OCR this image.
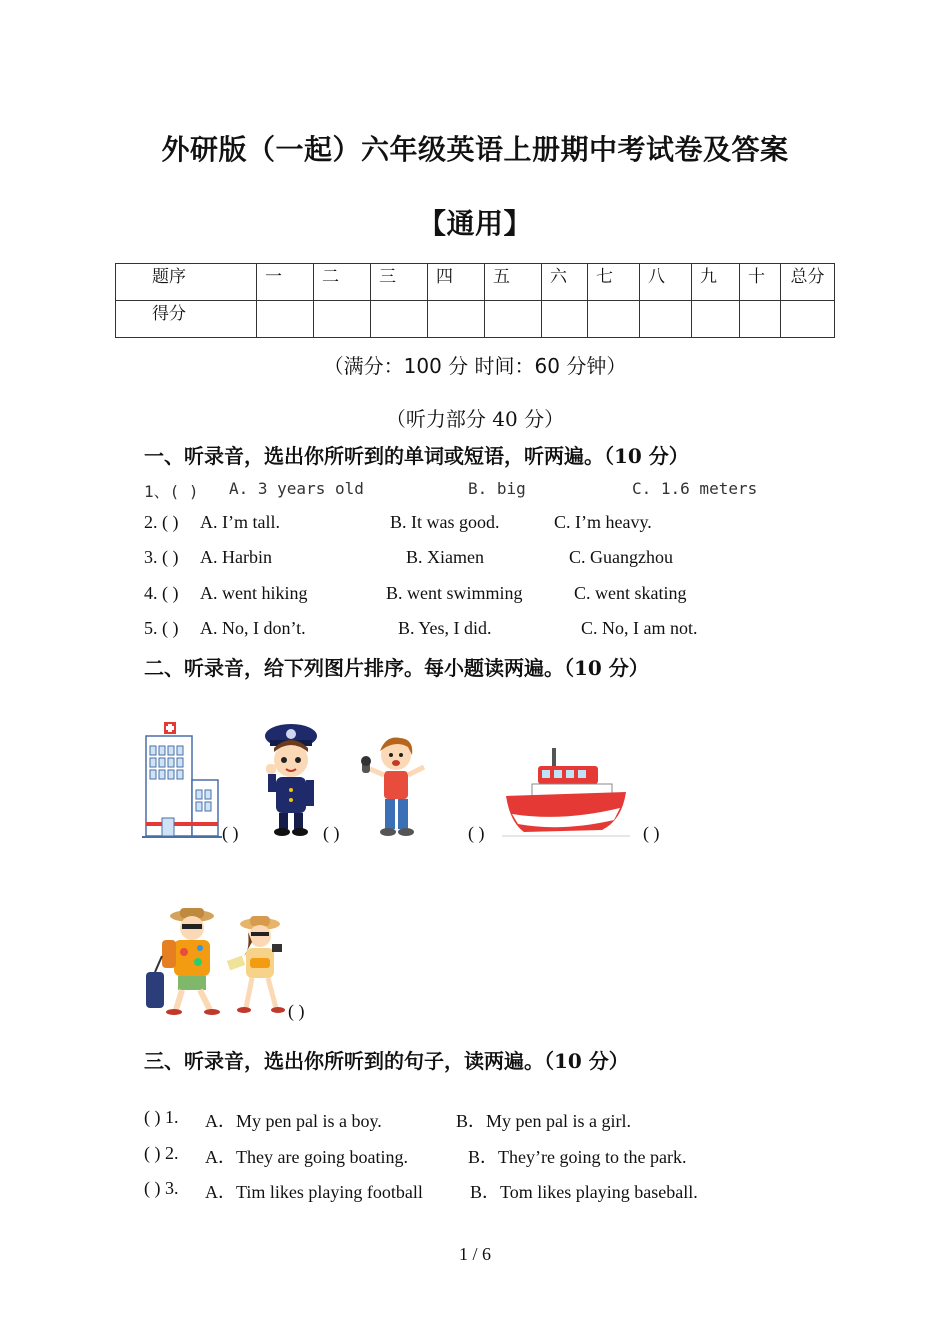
外研版（一起）六年级英语上册期中考试卷及答案
【通用】
题序	一	二	三	四	五	六	七	八	九	十	总分
得分											
（满分：100 分 时间：60 分钟）
（听力部分 40 分）
一、听录音，选出你所听到的单词或短语，听两遍。（10 分）
1、( ) A. 3 years old	B. big	C. 1.6 meters
2. ( ) A. I’m tall.	B. It was good.	C. I’m heavy.
3. ( ) A. Harbin	B. Xiamen	C. Guangzhou
4. ( ) A. went hiking	B. went swimming	C. went skating
5. ( ) A. No, I don’t.	B. Yes, I did.	C. No, I am not.
二、听录音，给下列图片排序。每小题读两遍。（10 分）
( )	( )	( )	( )
( )
三、听录音，选出你所听到的句子，读两遍。（10 分）
( ) 1. A．My pen pal is a boy.	B．My pen pal is a girl.
( ) 2. A．They are going boating.	B．They’re going to the park.
( ) 3. A．Tim likes playing football	B．Tom likes playing baseball.
1 / 6
